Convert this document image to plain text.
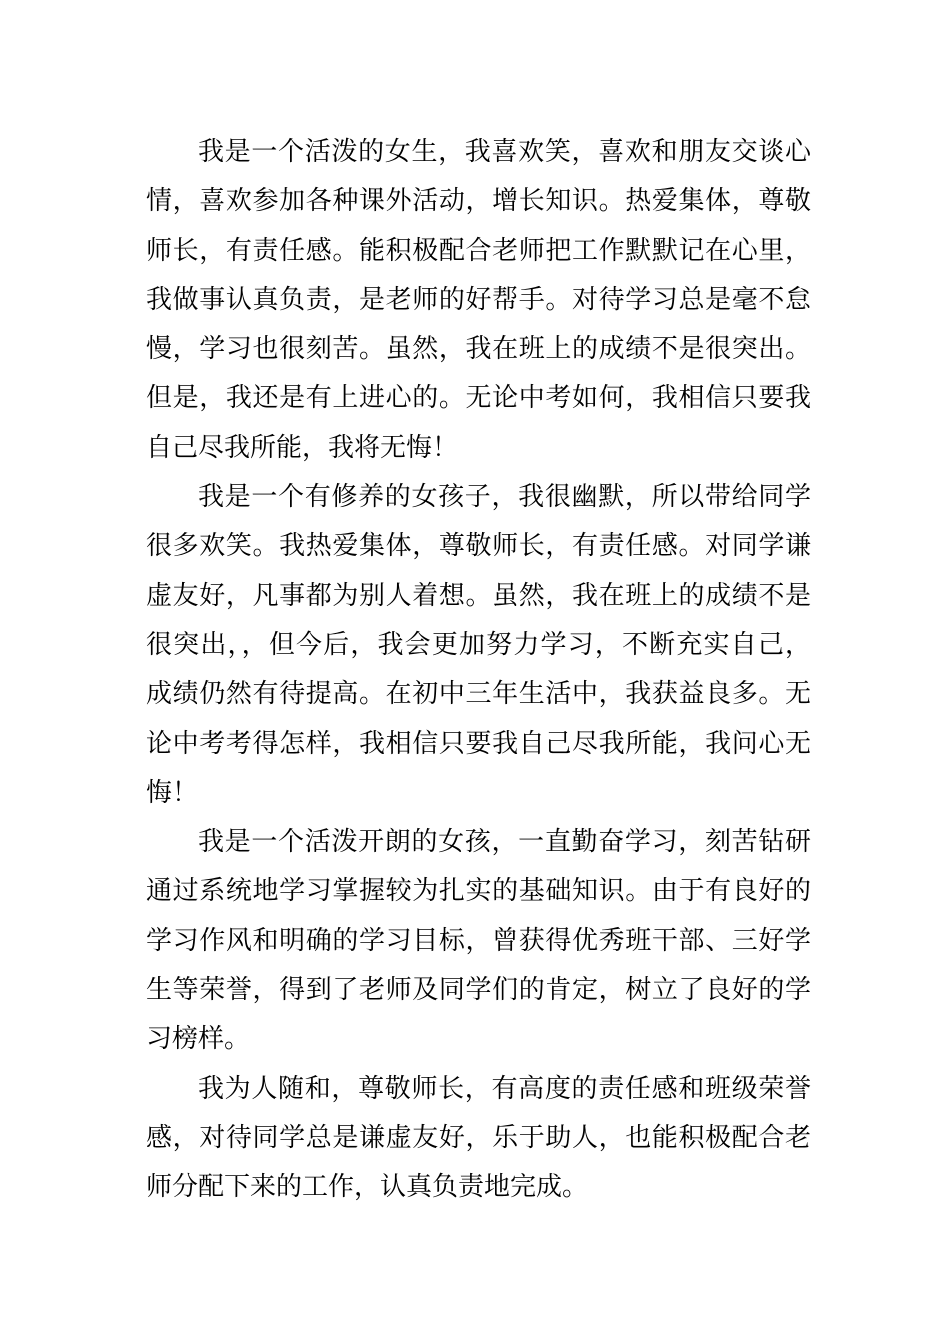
我是一个活泼的女生，我喜欢笑，喜欢和朋友交谈心
情，喜欢参加各种课外活动，增长知识。热爱集体，尊敬
师长，有责任感。能积极配合老师把工作默默记在心里，
我做事认真负责，是老师的好帮手。对待学习总是毫不怠
慢，学习也很刻苦。虽然，我在班上的成绩不是很突出。
但是，我还是有上进心的。无论中考如何，我相信只要我
自己尽我所能，我将无悔！
我是一个有修养的女孩子，我很幽默，所以带给同学
很多欢笑。我热爱集体，尊敬师长，有责任感。对同学谦
虚友好，凡事都为别人着想。虽然，我在班上的成绩不是
很突出，，但今后，我会更加努力学习，不断充实自己，
成绩仍然有待提高。在初中三年生活中，我获益良多。无
论中考考得怎样，我相信只要我自己尽我所能，我问心无
悔！
我是一个活泼开朗的女孩，一直勤奋学习，刻苦钻研
通过系统地学习掌握较为扎实的基础知识。由于有良好的
学习作风和明确的学习目标，曾获得优秀班干部、三好学
生等荣誉，得到了老师及同学们的肯定，树立了良好的学
习榜样。
我为人随和，尊敬师长，有高度的责任感和班级荣誉
感，对待同学总是谦虚友好，乐于助人，也能积极配合老
师分配下来的工作，认真负责地完成。
